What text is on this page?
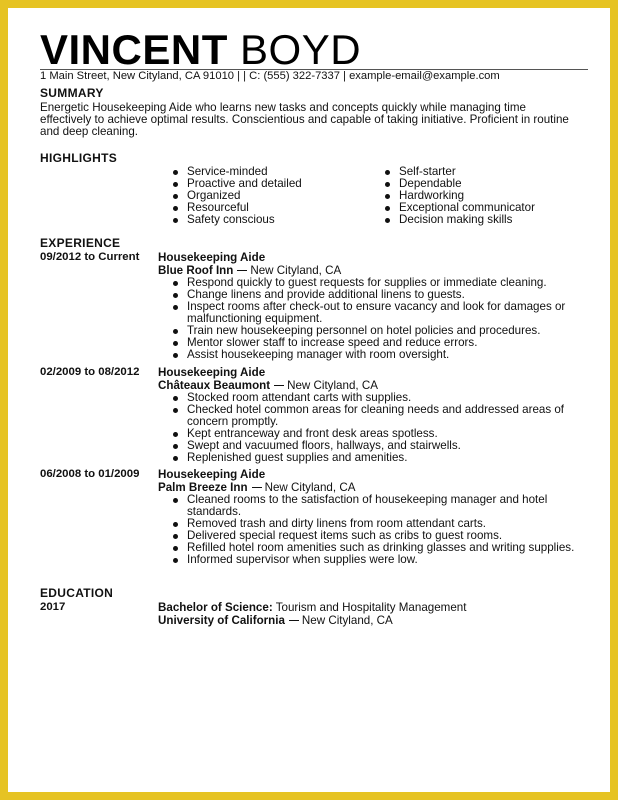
VINCENT BOYD
1 Main Street, New Cityland, CA 91010 | | C: (555) 322-7337 | example-email@example.com
SUMMARY
Energetic Housekeeping Aide who learns new tasks and concepts quickly while managing time effectively to achieve optimal results. Conscientious and capable of taking initiative. Proficient in routine and deep cleaning.
HIGHLIGHTS
Service-minded
Proactive and detailed
Organized
Resourceful
Safety conscious
Self-starter
Dependable
Hardworking
Exceptional communicator
Decision making skills
EXPERIENCE
09/2012 to Current Housekeeping Aide
Blue Roof Inn New Cityland, CA
Respond quickly to guest requests for supplies or immediate cleaning.
Change linens and provide additional linens to guests.
Inspect rooms after check-out to ensure vacancy and look for damages or malfunctioning equipment.
Train new housekeeping personnel on hotel policies and procedures.
Mentor slower staff to increase speed and reduce errors.
Assist housekeeping manager with room oversight.
02/2009 to 08/2012 Housekeeping Aide
Châteaux Beaumont New Cityland, CA
Stocked room attendant carts with supplies.
Checked hotel common areas for cleaning needs and addressed areas of concern promptly.
Kept entranceway and front desk areas spotless.
Swept and vacuumed floors, hallways, and stairwells.
Replenished guest supplies and amenities.
06/2008 to 01/2009 Housekeeping Aide
Palm Breeze Inn New Cityland, CA
Cleaned rooms to the satisfaction of housekeeping manager and hotel standards.
Removed trash and dirty linens from room attendant carts.
Delivered special request items such as cribs to guest rooms.
Refilled hotel room amenities such as drinking glasses and writing supplies.
Informed supervisor when supplies were low.
EDUCATION
2017	Bachelor of Science: Tourism and Hospitality Management
University of California New Cityland, CA
